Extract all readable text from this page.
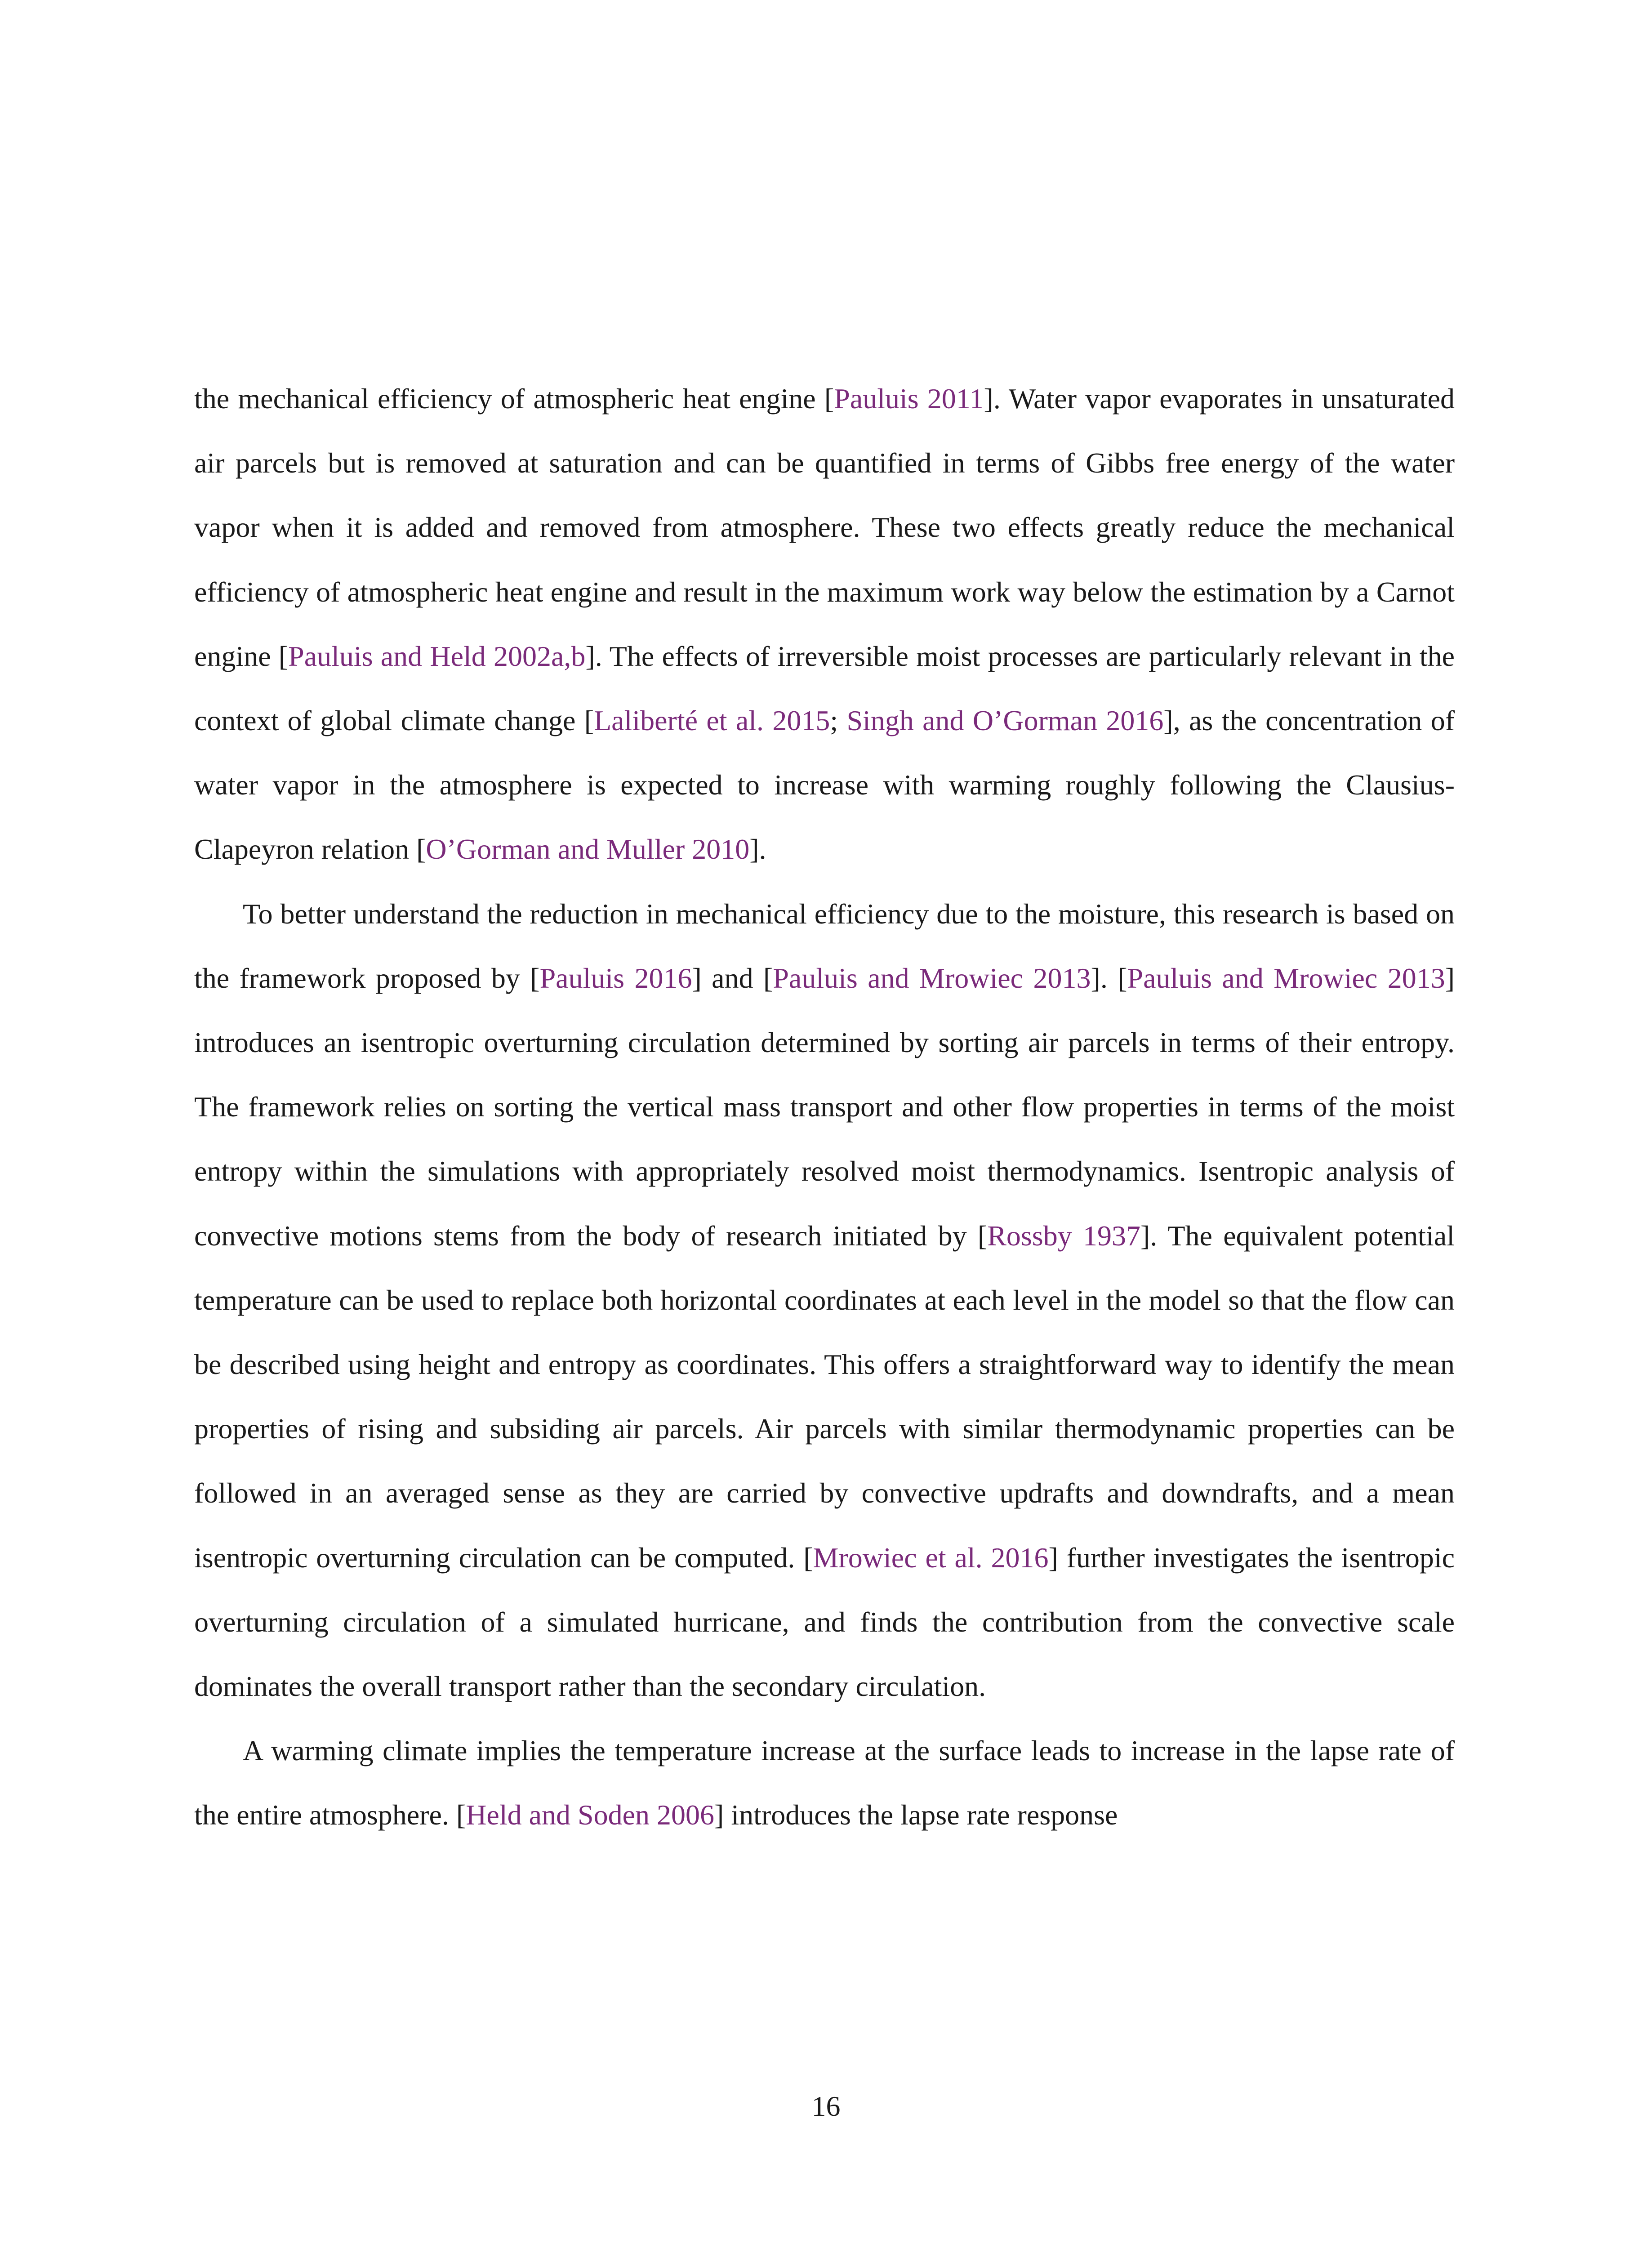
the mechanical efficiency of atmospheric heat engine [Pauluis 2011]. Water vapor evaporates in unsaturated air parcels but is removed at saturation and can be quantified in terms of Gibbs free energy of the water vapor when it is added and removed from atmosphere. These two effects greatly reduce the mechanical efficiency of atmospheric heat engine and result in the maximum work way below the estimation by a Carnot engine [Pauluis and Held 2002a,b]. The effects of irreversible moist processes are particularly relevant in the context of global climate change [Laliberté et al. 2015; Singh and O’Gorman 2016], as the concentration of water vapor in the atmosphere is expected to increase with warming roughly following the Clausius-Clapeyron relation [O’Gorman and Muller 2010].

To better understand the reduction in mechanical efficiency due to the moisture, this research is based on the framework proposed by [Pauluis 2016] and [Pauluis and Mrowiec 2013]. [Pauluis and Mrowiec 2013] introduces an isentropic overturning circulation determined by sorting air parcels in terms of their entropy. The framework relies on sorting the vertical mass transport and other flow properties in terms of the moist entropy within the simulations with appropriately resolved moist thermodynamics. Isentropic analysis of convective motions stems from the body of research initiated by [Rossby 1937]. The equivalent potential temperature can be used to replace both horizontal coordinates at each level in the model so that the flow can be described using height and entropy as coordinates. This offers a straightforward way to identify the mean properties of rising and subsiding air parcels. Air parcels with similar thermodynamic properties can be followed in an averaged sense as they are carried by convective updrafts and downdrafts, and a mean isentropic overturning circulation can be computed. [Mrowiec et al. 2016] further investigates the isentropic overturning circulation of a simulated hurricane, and finds the contribution from the convective scale dominates the overall transport rather than the secondary circulation.

A warming climate implies the temperature increase at the surface leads to increase in the lapse rate of the entire atmosphere. [Held and Soden 2006] introduces the lapse rate response

16
